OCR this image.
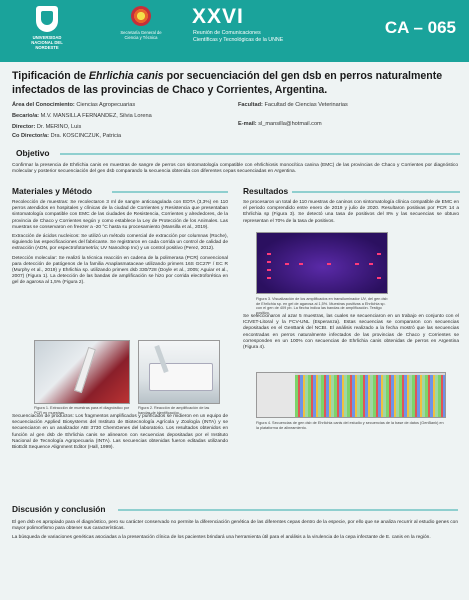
UNIVERSIDAD NACIONAL DEL NORDESTE
Secretaría General de Ciencia y Técnica
XXVI
Reunión de Comunicaciones
Científicas y Tecnológicas de la UNNE
CA – 065
Tipificación de Ehrlichia canis por secuenciación del gen dsb en perros naturalmente infectados de las provincias de Chaco y Corrientes, Argentina.
Área del Conocimiento: Ciencias Agropecuarias
Becario/a: M.V. MANSILLA FERNANDEZ, Silvia Lorena
Director: Dr. MERINO, Luis
Co Director/a: Dra. KOSCINCZUK, Patricia
Facultad: Facultad de Ciencias Veterinarias
E-mail: sl_mansilla@hotmail.com
Objetivo
Confirmar la presencia de Ehrlichia canis en muestras de sangre de perros con sintomatología compatible con ehrlichiosis monocítica canina (EMC) de las provincias de Chaco y Corrientes por diagnóstico molecular y posterior secuenciación del gen dsb comparando la secuencia obtenida con diferentes cepas secuenciadas en Argentina.
Materiales y Método

Recolección de muestras: Se recolectaron 3 ml de sangre anticoagulada con EDTA (3,3%) en 110 perros atendidos en hospitales y clínicas de la ciudad de Corrientes y Resistencia que presentaban sintomatología compatible con EMC de las ciudades de Resistencia, Corrientes y alrededores, de la provincia de Chaco y Corrientes según y como establece la Ley de Protección de los Animales. Las muestras se conservaron en freezer a -20 °C hasta su procesamiento (Mansilla et al., 2019).

Extracción de ácidos nucleicos: Se utilizó un método comercial de extracción por columnas (Roche), siguiendo las especificaciones del fabricante. Se registraron en cada corrida un control de calidad de extracción (ADN, por espectrofotometría; UV Nanodrop Inc) y un control positivo (Perez, 2012).

Detección molecular: Se realizó la técnica reacción en cadena de la polimerasa (PCR) convencional para detección de patógenos de la familia Anaplasmataceae utilizando primers 16S GC27F / EC R (Murphy et al., 2019) y Ehrlichia sp. utilizando primers dsb 330/728 (Doyle et al., 2005; Aguiar et al., 2007) (Figura 1). La detección de las bandas de amplificación se hizo por corrida electroforética en gel de agarosa al 1,5% (Figura 2).

Figura 1. Extracción de muestras para el diagnóstico por PCR en muestras.
Figura 2. Reacción de amplificación de las bandas de identificación.
Secuenciación de productos: Los fragmentos amplificados y purificados se midieron en un equipo de secuenciación Applied Biosystems del Instituto de Biotecnología Agrícola y Zoología (INTA) y se secuenciaron en un analizador ABI 3730 ChemGenes del laboratorio. Los resultados obtenidos en función al gen dsb de Ehrlichia canis se alinearon con secuencias depositadas por el Instituto Nacional de Tecnología Agropecuaria (INTA). Las secuencias obtenidas fueron editadas utilizando BioEdit Sequence Alignment Editor (Hall, 1999).
Resultados
Se procesaron un total de 110 muestras de caninos con sintomatología clínica compatible de EMC en el periodo comprendido entre enero de 2019 y julio de 2020. Resultaron positivas por PCR 14 a Ehrlichia sp (Figura 3). Se detectó una tasa de positivos del 8% y las secuencias se obtuvo representan el 70% de la tasa de positivos.
Figura 3. Visualización de los amplificados en transiluminador UV, del gen dsb de Ehrlichia sp. en gel de agarosa al 1,5%. Muestras positivas a Ehrlichia sp. con el gen de 409 pb. La flecha indica las bandas de amplificación. Testigo positivo.
Se seleccionaron al azar 5 muestras, las cuales se secuenciaron en un trabajo en conjunto con el ICIVET-Litoral y la FCV-UNL (Esperanza). Estas secuencias se compararon con secuencias depositadas en el GenBank del NCBI. El análisis realizado a la fecha mostró que las secuencias encontradas en perros naturalmente infectados de las provincias de Chaco y Corrientes se corresponden en un 100% con secuencias de Ehrlichia canis obtenidas de perros en Argentina (Figura 4).
Figura 4. Secuencias de gen dsb de Ehrlichia canis del estudio y secuencias de la base de datos (GenBank) en la plataforma de alineamiento.
Discusión y conclusión

El gen dsb es apropiado para el diagnóstico, pero su carácter conservado no permite la diferenciación genética de las diferentes cepas dentro de la especie, por ello que se analiza recurrir al estudio genes con mayor polimorfismo para obtener sus características.

La búsqueda de variaciones genéticas asociadas a la presentación clínica de los pacientes brindará una herramienta útil para el análisis a la virulencia de la cepa infectante de E. canis en la región.
